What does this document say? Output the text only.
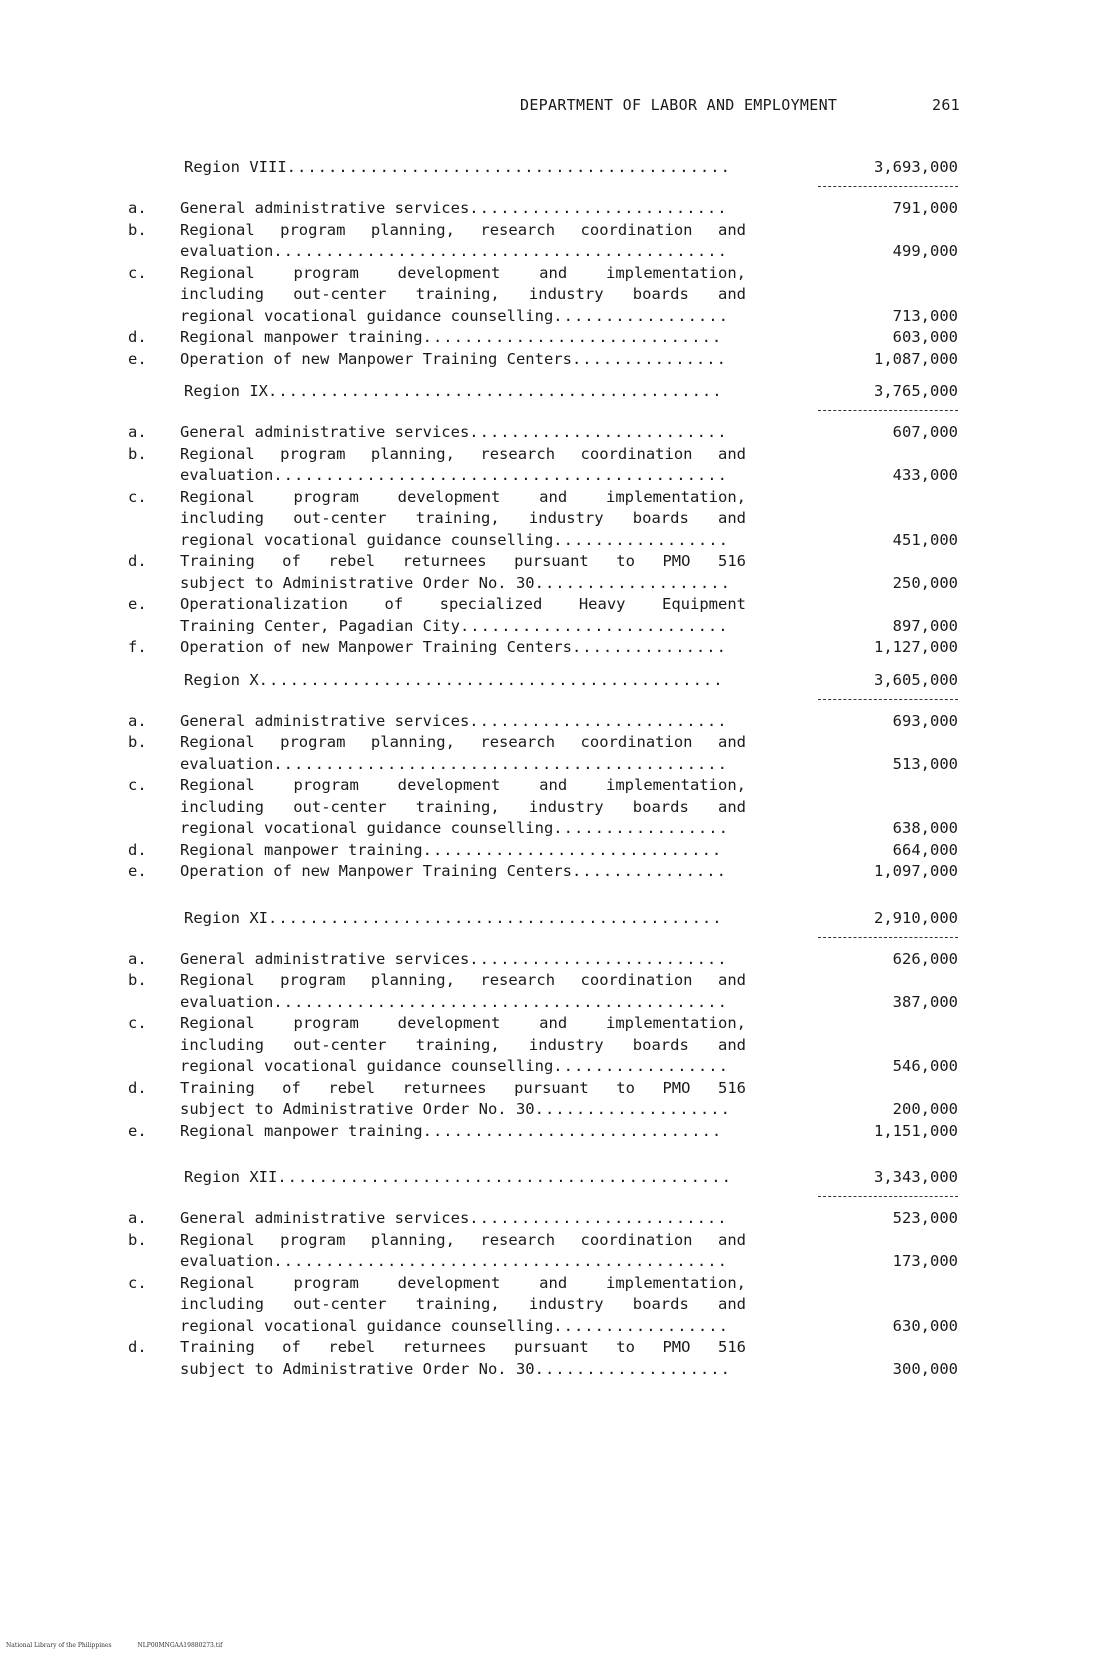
DEPARTMENT OF LABOR AND EMPLOYMENT	261
Region VIII...........................................	3,693,000
a.	General administrative services.........................	791,000
b.	Regional program planning, research coordination and
evaluation............................................	499,000
c.	Regional program development and implementation,
including out-center training, industry boards and
regional vocational guidance counselling.................	713,000
d.	Regional manpower training.............................	603,000
e.	Operation of new Manpower Training Centers...............	1,087,000
Region IX............................................	3,765,000
a.	General administrative services.........................	607,000
b.	Regional program planning, research coordination and
evaluation............................................	433,000
c.	Regional program development and implementation,
including out-center training, industry boards and
regional vocational guidance counselling.................	451,000
d.	Training of rebel returnees pursuant to PMO 516
subject to Administrative Order No. 30...................	250,000
e.	Operationalization of specialized Heavy Equipment
Training Center, Pagadian City..........................	897,000
f.	Operation of new Manpower Training Centers...............	1,127,000
Region X.............................................	3,605,000
a.	General administrative services.........................	693,000
b.	Regional program planning, research coordination and
evaluation............................................	513,000
c.	Regional program development and implementation,
including out-center training, industry boards and
regional vocational guidance counselling.................	638,000
d.	Regional manpower training.............................	664,000
e.	Operation of new Manpower Training Centers...............	1,097,000
Region XI............................................	2,910,000
a.	General administrative services.........................	626,000
b.	Regional program planning, research coordination and
evaluation............................................	387,000
c.	Regional program development and implementation,
including out-center training, industry boards and
regional vocational guidance counselling.................	546,000
d.	Training of rebel returnees pursuant to PMO 516
subject to Administrative Order No. 30...................	200,000
e.	Regional manpower training.............................	1,151,000
Region XII............................................	3,343,000
a.	General administrative services.........................	523,000
b.	Regional program planning, research coordination and
evaluation............................................	173,000
c.	Regional program development and implementation,
including out-center training, industry boards and
regional vocational guidance counselling.................	630,000
d.	Training of rebel returnees pursuant to PMO 516
subject to Administrative Order No. 30...................	300,000
National Library of the Philippines	NLP00MNGAA19880273.tif
